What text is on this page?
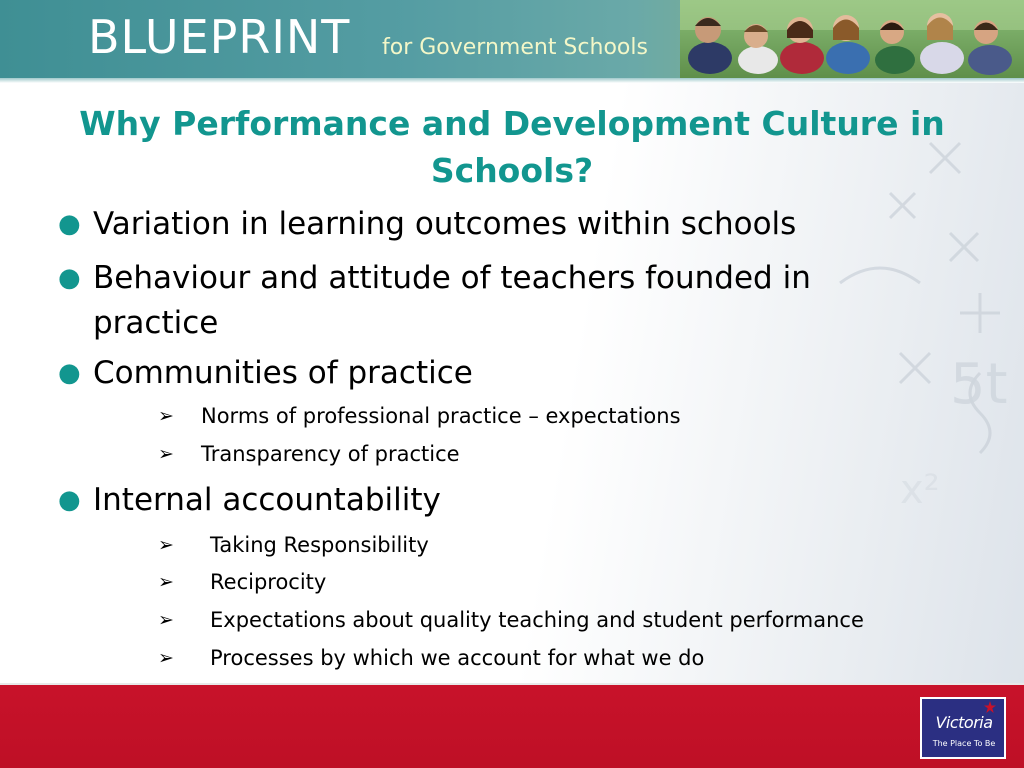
BLUEPRINT for Government Schools
5t
x²
Why Performance and Development Culture in Schools?
● Variation in learning outcomes within schools
● Behaviour and attitude of teachers founded in practice
● Communities of practice
➢ Norms of professional practice – expectations
➢ Transparency of practice
● Internal accountability
➢ Taking Responsibility
➢ Reciprocity
➢ Expectations about quality teaching and student performance
➢ Processes by which we account for what we do
Victoria
The Place To Be
